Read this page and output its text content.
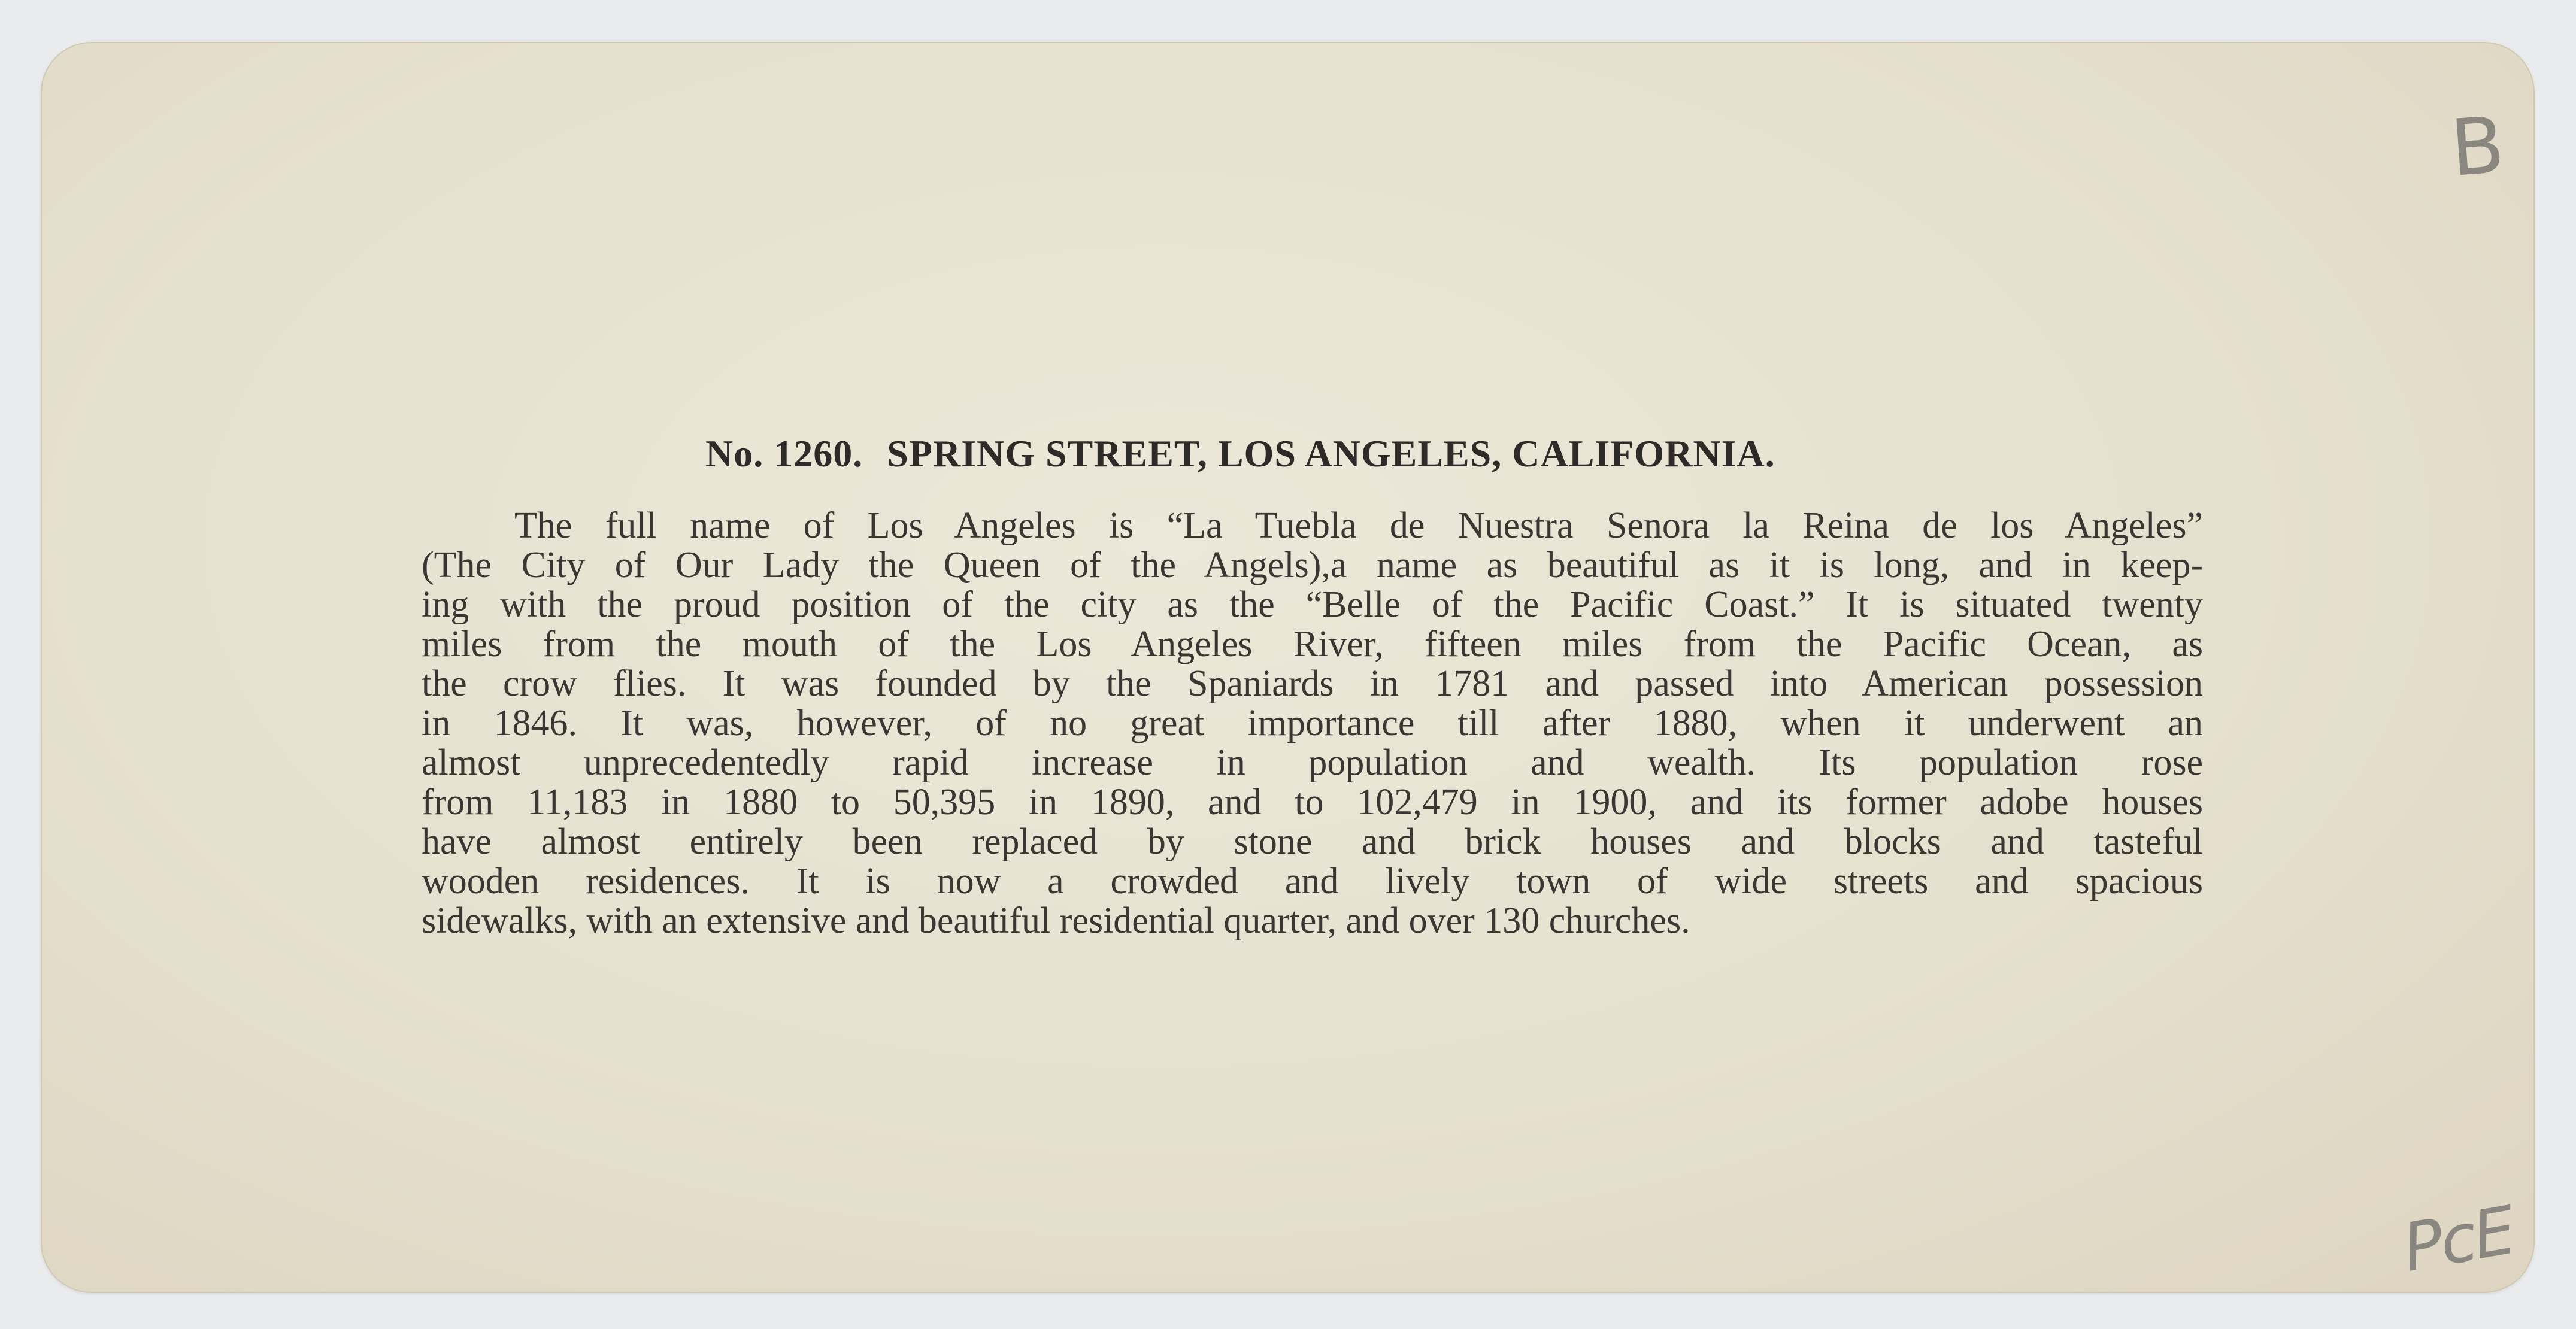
No. 1260. SPRING STREET, LOS ANGELES, CALIFORNIA.
The full name of Los Angeles is “La Tuebla de Nuestra Senora la Reina de los Angeles”
(The City of Our Lady the Queen of the Angels),a name as beautiful as it is long, and in keep-
ing with the proud position of the city as the “Belle of the Pacific Coast.” It is situated twenty
miles from the mouth of the Los Angeles River, fifteen miles from the Pacific Ocean, as
the crow flies. It was founded by the Spaniards in 1781 and passed into American possession
in 1846. It was, however, of no great importance till after 1880, when it underwent an
almost unprecedentedly rapid increase in population and wealth. Its population rose
from 11,183 in 1880 to 50,395 in 1890, and to 102,479 in 1900, and its former adobe houses
have almost entirely been replaced by stone and brick houses and blocks and tasteful
wooden residences. It is now a crowded and lively town of wide streets and spacious
sidewalks, with an extensive and beautiful residential quarter, and over 130 churches.
B
PcE
